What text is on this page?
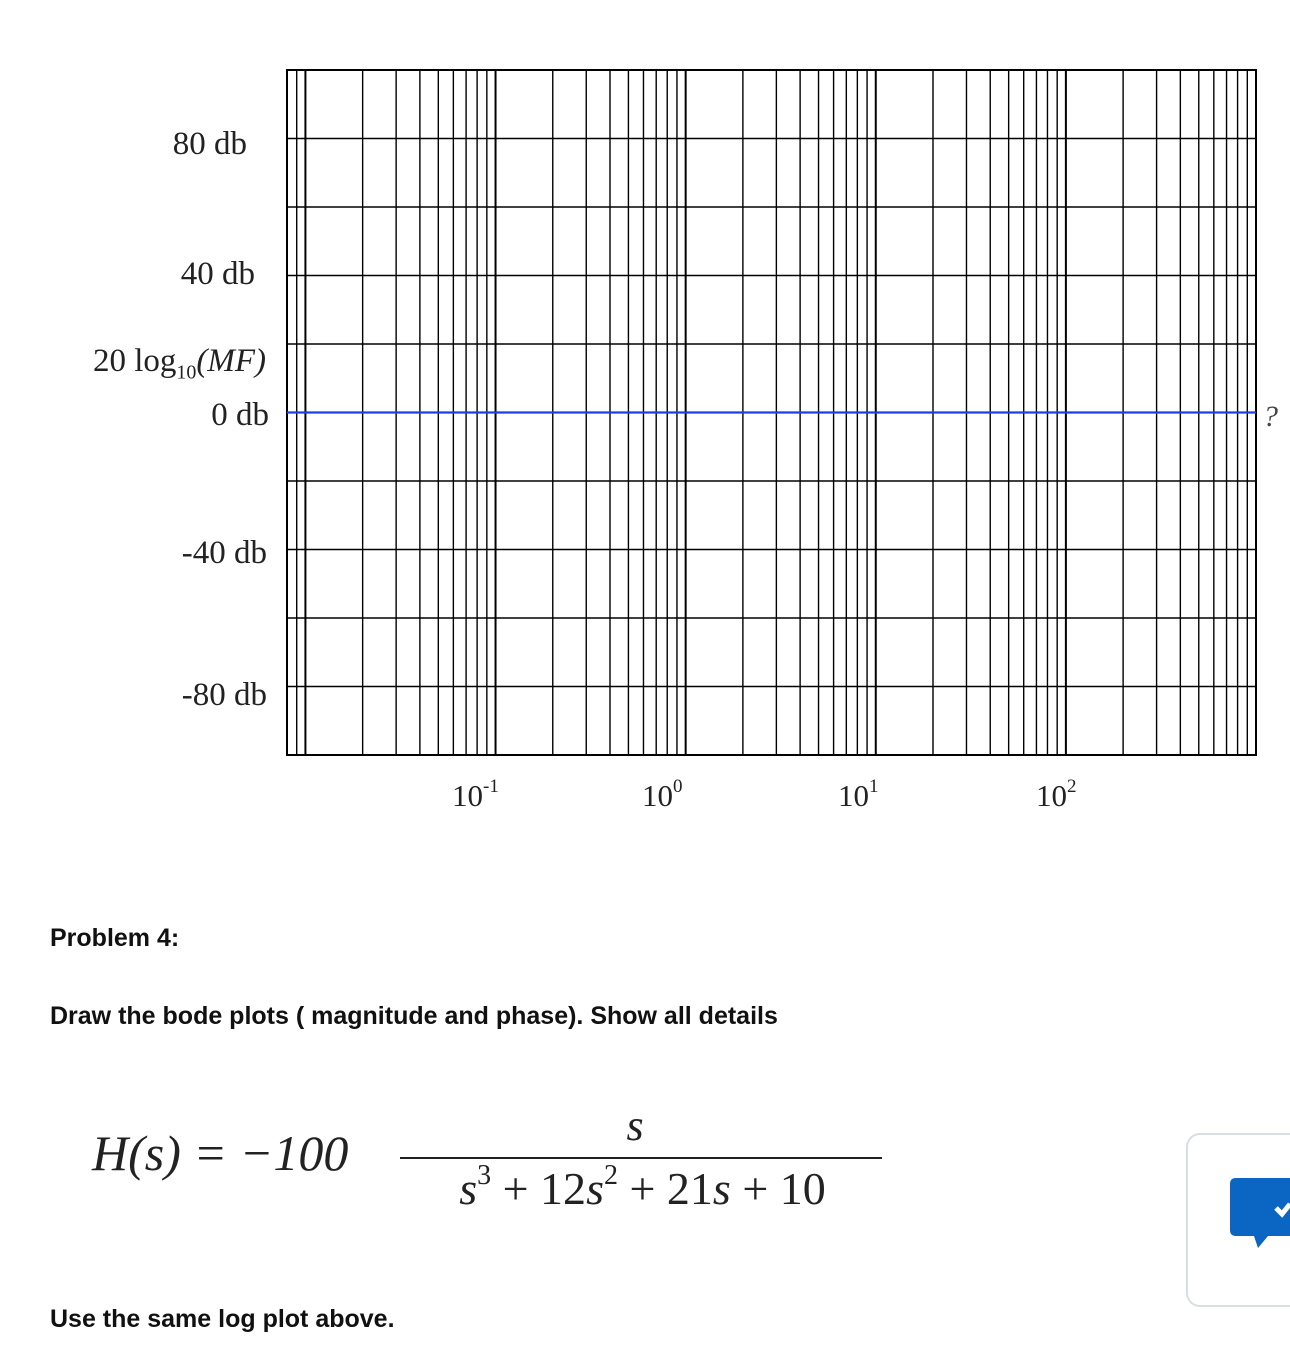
80 db
40 db
20 $\log_{10}(MF)$
0 db
-40 db
-80 db
$10^{-1}$	$10^0$	$10^1$	$10^2$
?
Problem 4:
Draw the bode plots ( magnitude and phase). Show all details
H(s) = −100	s
$s^3 + 12s^2 + 21s + 10$
Use the same log plot above.
